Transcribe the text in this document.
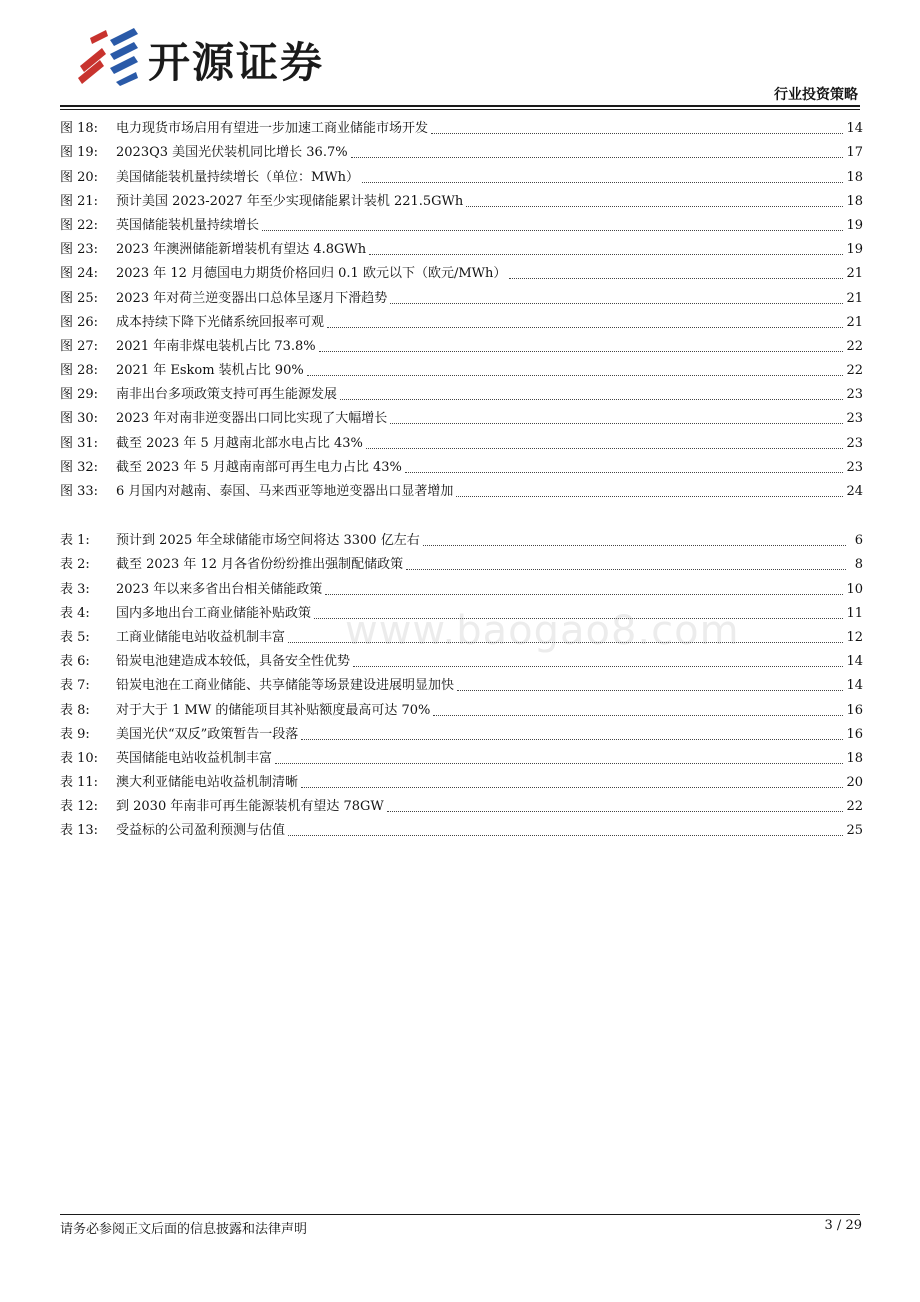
开源证券
行业投资策略
图 18:	电力现货市场启用有望进一步加速工商业储能市场开发	14
图 19:	2023Q3 美国光伏装机同比增长 36.7%	17
图 20:	美国储能装机量持续增长（单位：MWh）	18
图 21:	预计美国 2023-2027 年至少实现储能累计装机 221.5GWh	18
图 22:	英国储能装机量持续增长	19
图 23:	2023 年澳洲储能新增装机有望达 4.8GWh	19
图 24:	2023 年 12 月德国电力期货价格回归 0.1 欧元以下（欧元/MWh）	21
图 25:	2023 年对荷兰逆变器出口总体呈逐月下滑趋势	21
图 26:	成本持续下降下光储系统回报率可观	21
图 27:	2021 年南非煤电装机占比 73.8%	22
图 28:	2021 年 Eskom 装机占比 90%	22
图 29:	南非出台多项政策支持可再生能源发展	23
图 30:	2023 年对南非逆变器出口同比实现了大幅增长	23
图 31:	截至 2023 年 5 月越南北部水电占比 43%	23
图 32:	截至 2023 年 5 月越南南部可再生电力占比 43%	23
图 33:	6 月国内对越南、泰国、马来西亚等地逆变器出口显著增加	24
表 1:	预计到 2025 年全球储能市场空间将达 3300 亿左右	6
表 2:	截至 2023 年 12 月各省份纷纷推出强制配储政策	8
表 3:	2023 年以来多省出台相关储能政策	10
表 4:	国内多地出台工商业储能补贴政策	11
表 5:	工商业储能电站收益机制丰富	12
表 6:	铅炭电池建造成本较低，具备安全性优势	14
表 7:	铅炭电池在工商业储能、共享储能等场景建设进展明显加快	14
表 8:	对于大于 1 MW 的储能项目其补贴额度最高可达 70%	16
表 9:	美国光伏“双反”政策暂告一段落	16
表 10:	英国储能电站收益机制丰富	18
表 11:	澳大利亚储能电站收益机制清晰	20
表 12:	到 2030 年南非可再生能源装机有望达 78GW	22
表 13:	受益标的公司盈利预测与估值	25
www.baogao8.com
请务必参阅正文后面的信息披露和法律声明	3 / 29
